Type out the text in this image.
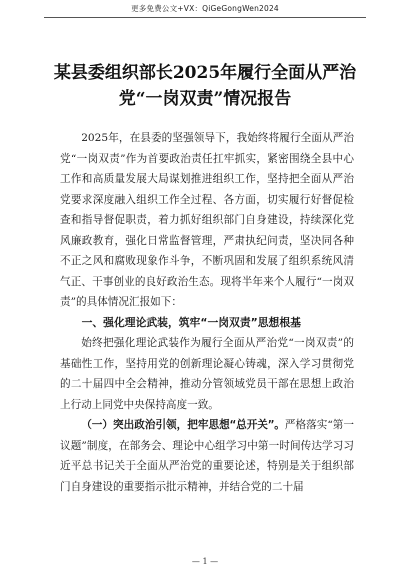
更多免费公文+VX：QiGeGongWen2024
某县委组织部长2025年履行全面从严治
党“一岗双责”情况报告

2025年，在县委的坚强领导下，我始终将履行全面从严治党“一岗双责”作为首要政治责任扛牢抓实，紧密围绕全县中心工作和高质量发展大局谋划推进组织工作，坚持把全面从严治党要求深度融入组织工作全过程、各方面，切实履行好督促检查和指导督促职责，着力抓好组织部门自身建设，持续深化党风廉政教育，强化日常监督管理，严肃执纪问责，坚决同各种不正之风和腐败现象作斗争，不断巩固和发展了组织系统风清气正、干事创业的良好政治生态。现将半年来个人履行“一岗双责”的具体情况汇报如下：

一、强化理论武装，筑牢“一岗双责”思想根基

始终把强化理论武装作为履行全面从严治党“一岗双责”的基础性工作，坚持用党的创新理论凝心铸魂，深入学习贯彻党的二十届四中全会精神，推动分管领域党员干部在思想上政治上行动上同党中央保持高度一致。

（一）突出政治引领，把牢思想“总开关”。严格落实“第一议题”制度，在部务会、理论中心组学习中第一时间传达学习习近平总书记关于全面从严治党的重要论述，特别是关于组织部门自身建设的重要指示批示精神，并结合党的二十届

— 1 —
